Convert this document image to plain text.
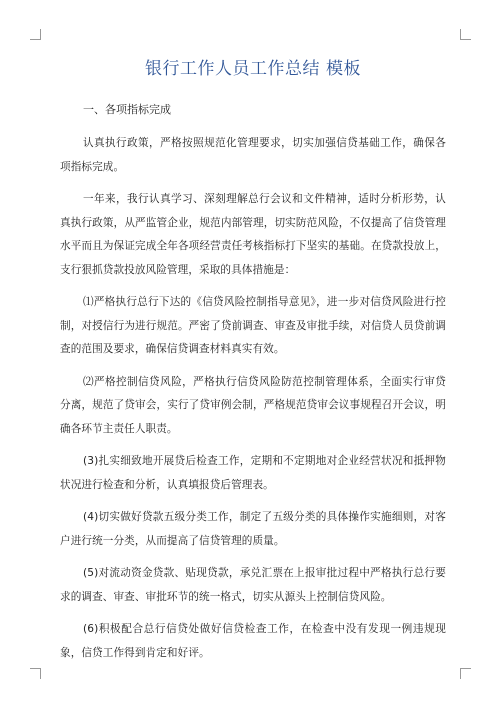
银行工作人员工作总结 模板
一、各项指标完成

认真执行政策，严格按照规范化管理要求，切实加强信贷基础工作，确保各项指标完成。

一年来，我行认真学习、深刻理解总行会议和文件精神，适时分析形势，认真执行政策，从严监管企业，规范内部管理，切实防范风险，不仅提高了信贷管理水平而且为保证完成全年各项经营责任考核指标打下坚实的基础。在贷款投放上，支行狠抓贷款投放风险管理，采取的具体措施是：

⑴严格执行总行下达的《信贷风险控制指导意见》，进一步对信贷风险进行控制，对授信行为进行规范。严密了贷前调查、审查及审批手续，对信贷人员贷前调查的范围及要求，确保信贷调查材料真实有效。

⑵严格控制信贷风险，严格执行信贷风险防范控制管理体系，全面实行审贷分离，规范了贷审会，实行了贷审例会制，严格规范贷审会议事规程召开会议，明确各环节主责任人职责。

(3)扎实细致地开展贷后检查工作，定期和不定期地对企业经营状况和抵押物状况进行检查和分析，认真填报贷后管理表。

(4)切实做好贷款五级分类工作，制定了五级分类的具体操作实施细则，对客户进行统一分类，从而提高了信贷管理的质量。

(5)对流动资金贷款、贴现贷款，承兑汇票在上报审批过程中严格执行总行要求的调查、审查、审批环节的统一格式，切实从源头上控制信贷风险。

(6)积极配合总行信贷处做好信贷检查工作，在检查中没有发现一例违规现象，信贷工作得到肯定和好评。
